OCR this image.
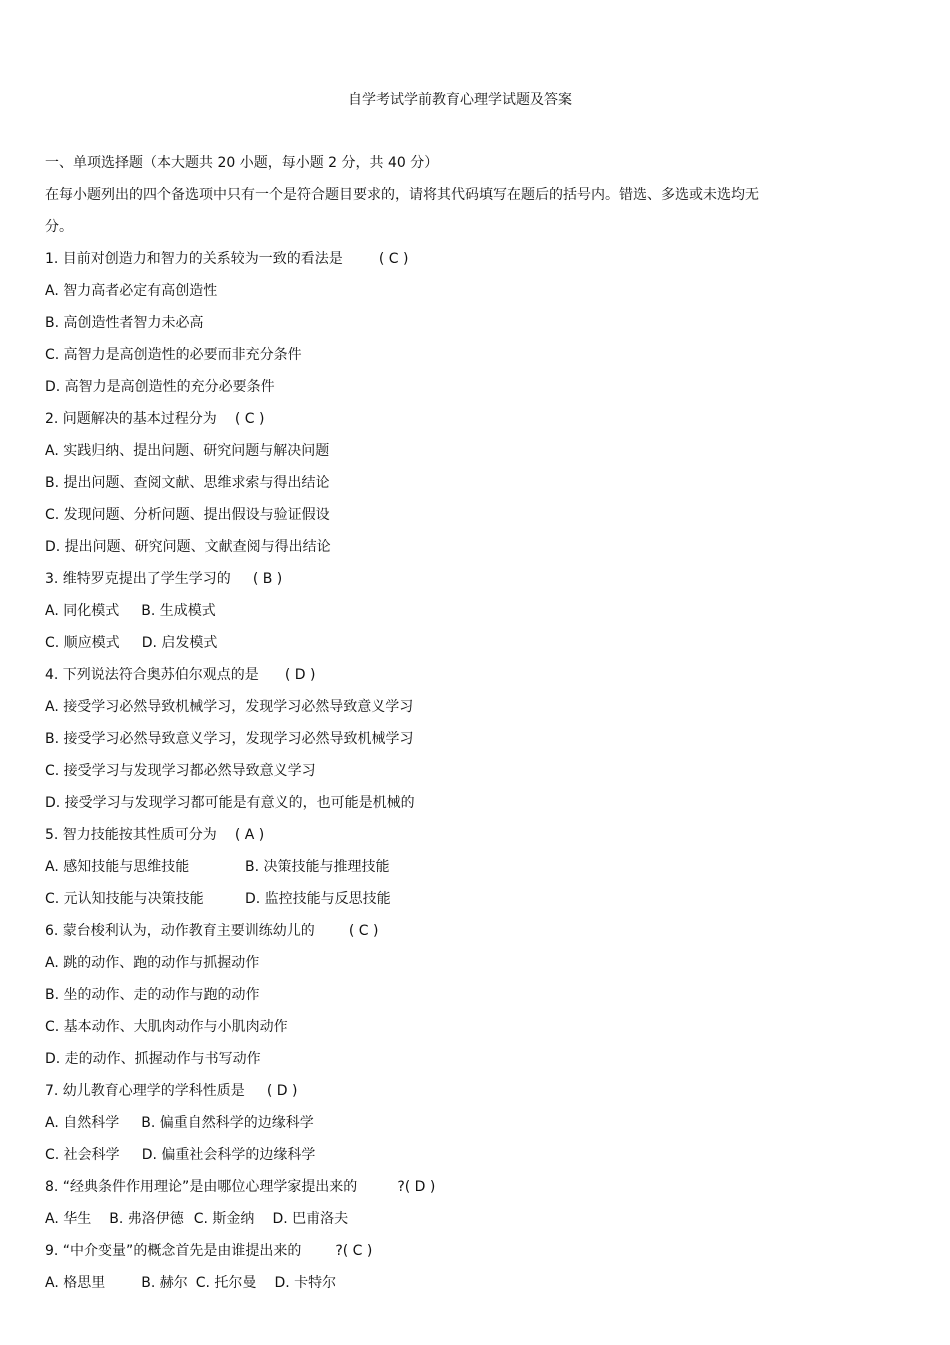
自学考试学前教育心理学试题及答案
一、单项选择题（本大题共 20 小题，每小题 2 分，共 40 分）
在每小题列出的四个备选项中只有一个是符合题目要求的，请将其代码填写在题后的括号内。错选、多选或未选均无
分。
1. 目前对创造力和智力的关系较为一致的看法是	( C )
A. 智力高者必定有高创造性
B. 高创造性者智力未必高
C. 高智力是高创造性的必要而非充分条件
D. 高智力是高创造性的充分必要条件
2. 问题解决的基本过程分为 ( C )
A. 实践归纳、提出问题、研究问题与解决问题
B. 提出问题、查阅文献、思维求索与得出结论
C. 发现问题、分析问题、提出假设与验证假设
D. 提出问题、研究问题、文献查阅与得出结论
3. 维特罗克提出了学生学习的 ( B )
A. 同化模式 B. 生成模式
C. 顺应模式 D. 启发模式
4. 下列说法符合奥苏伯尔观点的是 ( D )
A. 接受学习必然导致机械学习，发现学习必然导致意义学习
B. 接受学习必然导致意义学习，发现学习必然导致机械学习
C. 接受学习与发现学习都必然导致意义学习
D. 接受学习与发现学习都可能是有意义的，也可能是机械的
5. 智力技能按其性质可分为 ( A )
A. 感知技能与思维技能	B. 决策技能与推理技能
C. 元认知技能与决策技能	D. 监控技能与反思技能
6. 蒙台梭利认为，动作教育主要训练幼儿的 ( C )
A. 跳的动作、跑的动作与抓握动作
B. 坐的动作、走的动作与跑的动作
C. 基本动作、大肌肉动作与小肌肉动作
D. 走的动作、抓握动作与书写动作
7. 幼儿教育心理学的学科性质是 ( D )
A. 自然科学 B. 偏重自然科学的边缘科学
C. 社会科学 D. 偏重社会科学的边缘科学
8. “经典条件作用理论”是由哪位心理学家提出来的	?( D )
A. 华生 B. 弗洛伊德 C. 斯金纳 D. 巴甫洛夫
9. “中介变量”的概念首先是由谁提出来的 ?( C )
A. 格思里	B. 赫尔 C. 托尔曼 D. 卡特尔
